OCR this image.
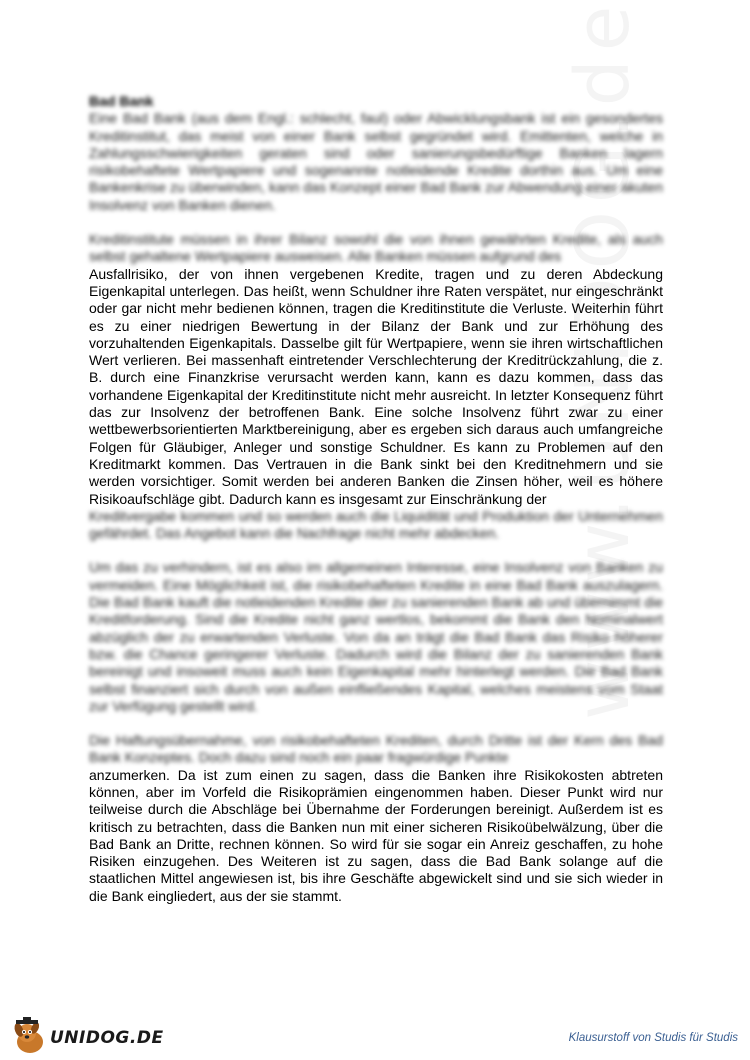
Bad Bank

Eine Bad Bank (aus dem Engl.: schlecht, faul) oder Abwicklungsbank ist ein gesondertes Kreditinstitut, das meist von einer Bank selbst gegründet wird. Emittenten, welche in Zahlungsschwierigkeiten geraten sind oder sanierungsbedürftige Banken lagern risikobehaftete Wertpapiere und sogenannte notleidende Kredite dorthin aus. Um eine Bankenkrise zu überwinden, kann das Konzept einer Bad Bank zur Abwendung einer akuten Insolvenz von Banken dienen.

Kreditinstitute müssen in ihrer Bilanz sowohl die von ihnen gewährten Kredite, als auch selbst gehaltene Wertpapiere ausweisen. Alle Banken müssen aufgrund des

Ausfallrisiko, der von ihnen vergebenen Kredite, tragen und zu deren Abdeckung Eigenkapital unterlegen. Das heißt, wenn Schuldner ihre Raten verspätet, nur eingeschränkt oder gar nicht mehr bedienen können, tragen die Kreditinstitute die Verluste. Weiterhin führt es zu einer niedrigen Bewertung in der Bilanz der Bank und zur Erhöhung des vorzuhaltenden Eigenkapitals. Dasselbe gilt für Wertpapiere, wenn sie ihren wirtschaftlichen Wert verlieren. Bei massenhaft eintretender Verschlechterung der Kreditrückzahlung, die z. B. durch eine Finanzkrise verursacht werden kann, kann es dazu kommen, dass das vorhandene Eigenkapital der Kreditinstitute nicht mehr ausreicht. In letzter Konsequenz führt das zur Insolvenz der betroffenen Bank. Eine solche Insolvenz führt zwar zu einer wettbewerbsorientierten Marktbereinigung, aber es ergeben sich daraus auch umfangreiche Folgen für Gläubiger, Anleger und sonstige Schuldner. Es kann zu Problemen auf den Kreditmarkt kommen. Das Vertrauen in die Bank sinkt bei den Kreditnehmern und sie werden vorsichtiger. Somit werden bei anderen Banken die Zinsen höher, weil es höhere Risikoaufschläge gibt. Dadurch kann es insgesamt zur Einschränkung der

Kreditvergabe kommen und so werden auch die Liquidität und Produktion der Unternehmen gefährdet. Das Angebot kann die Nachfrage nicht mehr abdecken.

Um das zu verhindern, ist es also im allgemeinen Interesse, eine Insolvenz von Banken zu vermeiden. Eine Möglichkeit ist, die risikobehafteten Kredite in eine Bad Bank auszulagern. Die Bad Bank kauft die notleidenden Kredite der zu sanierenden Bank ab und übernimmt die Kreditforderung. Sind die Kredite nicht ganz wertlos, bekommt die Bank den Nominalwert abzüglich der zu erwartenden Verluste. Von da an trägt die Bad Bank das Risiko höherer bzw. die Chance geringerer Verluste. Dadurch wird die Bilanz der zu sanierenden Bank bereinigt und insoweit muss auch kein Eigenkapital mehr hinterlegt werden. Die Bad Bank selbst finanziert sich durch von außen einfließendes Kapital, welches meistens vom Staat zur Verfügung gestellt wird.

Die Haftungsübernahme, von risikobehafteten Krediten, durch Dritte ist der Kern des Bad Bank Konzeptes. Doch dazu sind noch ein paar fragwürdige Punkte

anzumerken. Da ist zum einen zu sagen, dass die Banken ihre Risikokosten abtreten können, aber im Vorfeld die Risikoprämien eingenommen haben. Dieser Punkt wird nur teilweise durch die Abschläge bei Übernahme der Forderungen bereinigt. Außerdem ist es kritisch zu betrachten, dass die Banken nun mit einer sicheren Risikoübelwälzung, über die Bad Bank an Dritte, rechnen können. So wird für sie sogar ein Anreiz geschaffen, zu hohe Risiken einzugehen. Des Weiteren ist zu sagen, dass die Bad Bank solange auf die staatlichen Mittel angewiesen ist, bis ihre Geschäfte abgewickelt sind und sie sich wieder in die Bank eingliedert, aus der sie stammt.

UNIDOG.DE	Klausurstoff von Studis für Studis
